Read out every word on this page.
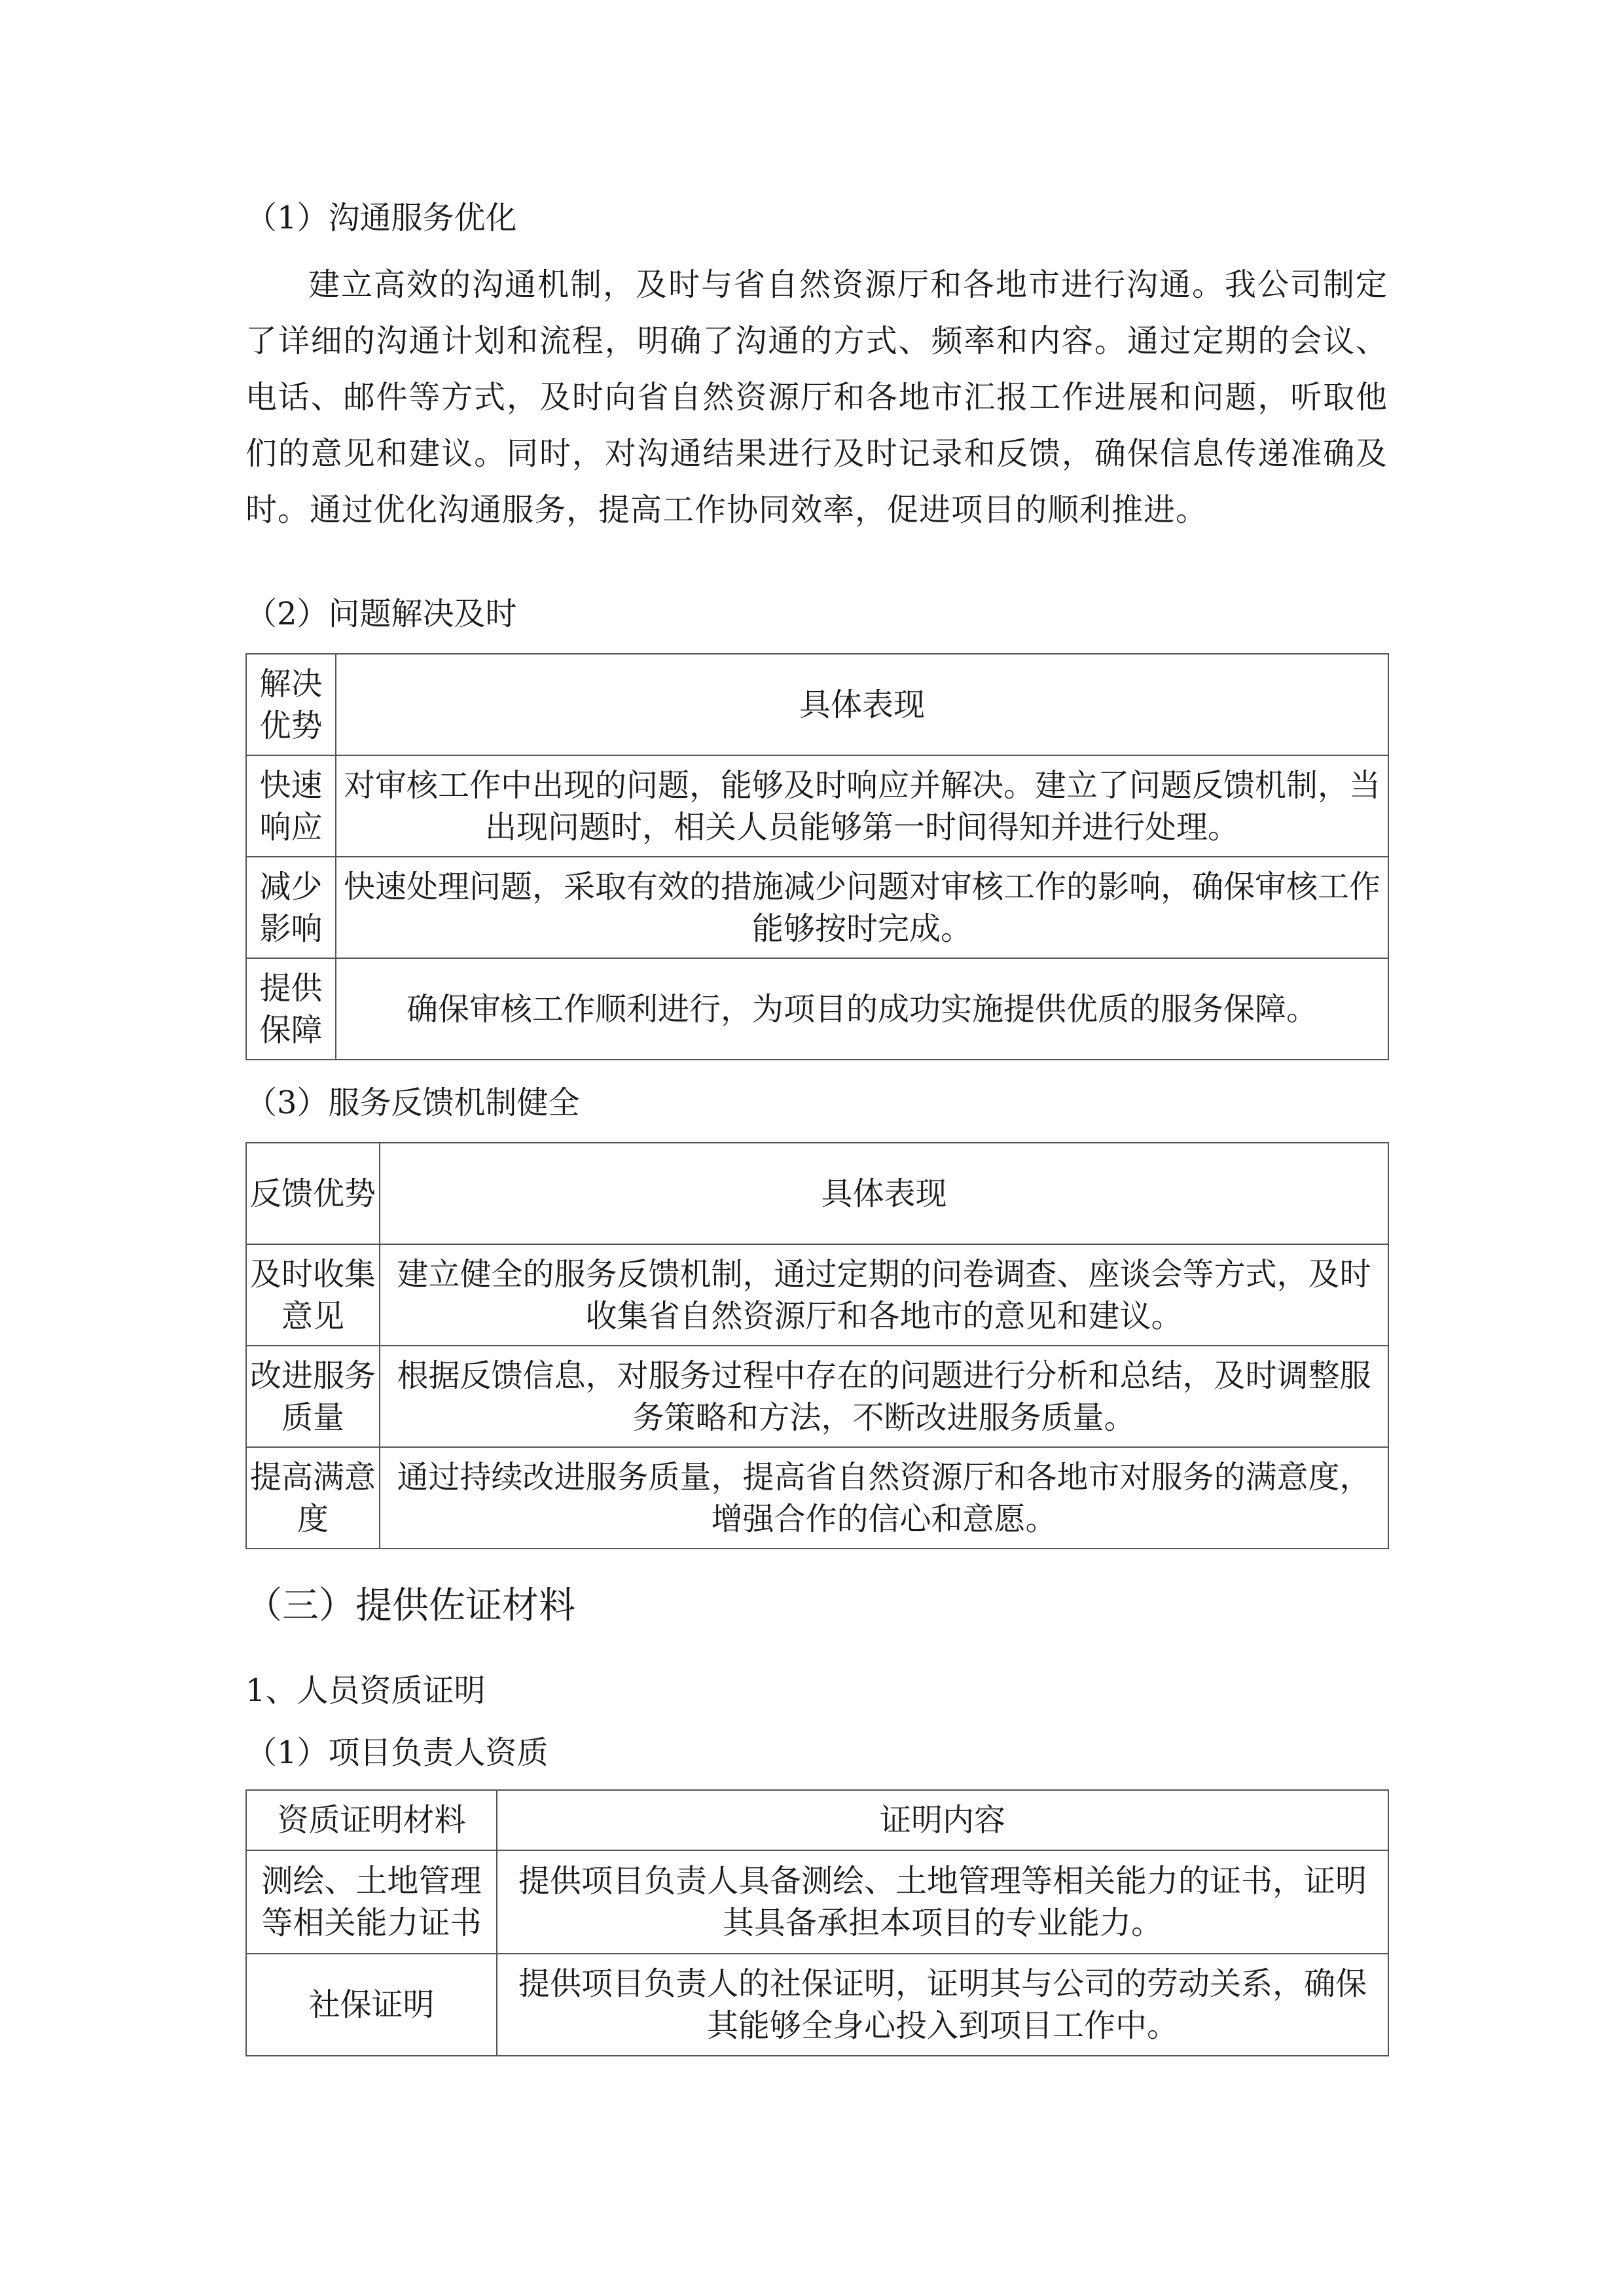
（1）沟通服务优化
建立高效的沟通机制，及时与省自然资源厅和各地市进行沟通。我公司制定了详细的沟通计划和流程，明确了沟通的方式、频率和内容。通过定期的会议、电话、邮件等方式，及时向省自然资源厅和各地市汇报工作进展和问题，听取他们的意见和建议。同时，对沟通结果进行及时记录和反馈，确保信息传递准确及时。通过优化沟通服务，提高工作协同效率，促进项目的顺利推进。
（2）问题解决及时
解决优势	具体表现
快速响应	对审核工作中出现的问题，能够及时响应并解决。建立了问题反馈机制，当出现问题时，相关人员能够第一时间得知并进行处理。
减少影响	快速处理问题，采取有效的措施减少问题对审核工作的影响，确保审核工作能够按时完成。
提供保障	确保审核工作顺利进行，为项目的成功实施提供优质的服务保障。
（3）服务反馈机制健全
反馈优势	具体表现
及时收集意见	建立健全的服务反馈机制，通过定期的问卷调查、座谈会等方式，及时收集省自然资源厅和各地市的意见和建议。
改进服务质量	根据反馈信息，对服务过程中存在的问题进行分析和总结，及时调整服务策略和方法，不断改进服务质量。
提高满意度	通过持续改进服务质量，提高省自然资源厅和各地市对服务的满意度，增强合作的信心和意愿。
（三）提供佐证材料
1、人员资质证明
（1）项目负责人资质
资质证明材料	证明内容
测绘、土地管理等相关能力证书	提供项目负责人具备测绘、土地管理等相关能力的证书，证明其具备承担本项目的专业能力。
社保证明	提供项目负责人的社保证明，证明其与公司的劳动关系，确保其能够全身心投入到项目工作中。
